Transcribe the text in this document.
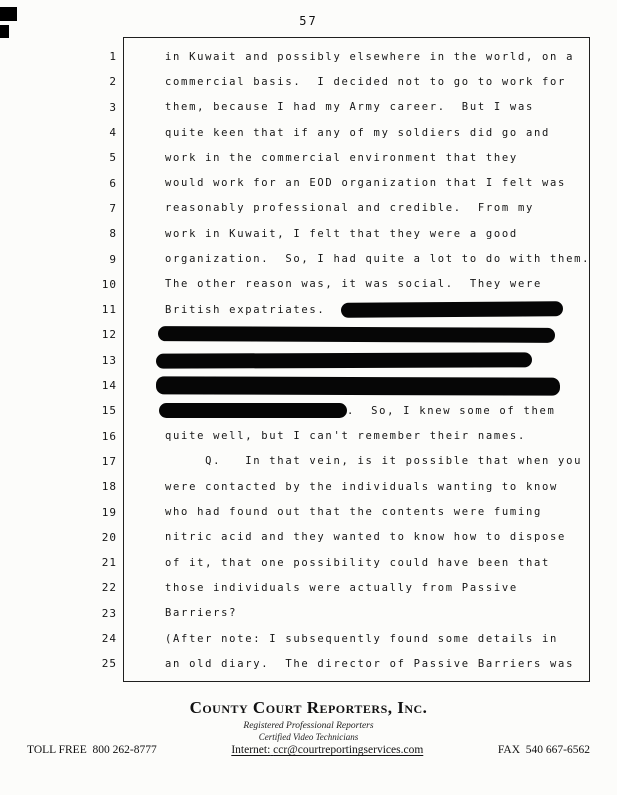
57
1	in Kuwait and possibly elsewhere in the world, on a
2	commercial basis.  I decided not to go to work for
3	them, because I had my Army career.  But I was
4	quite keen that if any of my soldiers did go and
5	work in the commercial environment that they
6	would work for an EOD organization that I felt was
7	reasonably professional and credible.  From my
8	work in Kuwait, I felt that they were a good
9	organization.  So, I had quite a lot to do with them.
10	The other reason was, it was social.  They were
11	British expatriates.
12
13
14
15	.  So, I knew some of them
16	quite well, but I can't remember their names.
17	Q.   In that vein, is it possible that when you
18	were contacted by the individuals wanting to know
19	who had found out that the contents were fuming
20	nitric acid and they wanted to know how to dispose
21	of it, that one possibility could have been that
22	those individuals were actually from Passive
23	Barriers?
24	(After note: I subsequently found some details in
25	an old diary.  The director of Passive Barriers was
County Court Reporters, Inc.
Registered Professional Reporters
Certified Video Technicians
TOLL FREE 800 262-8777	Internet: ccr@courtreportingservices.com	FAX 540 667-6562
